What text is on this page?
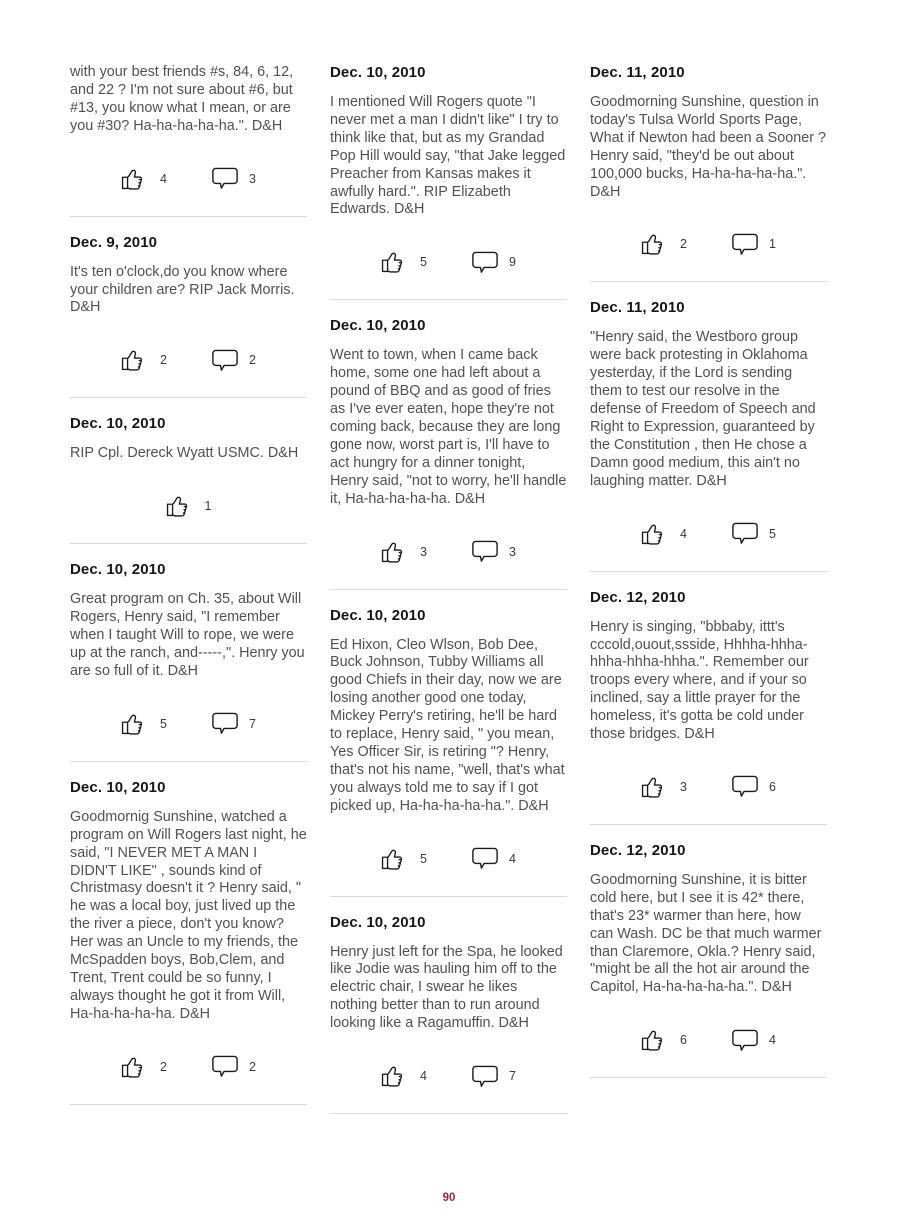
with your best friends #s, 84, 6, 12, and 22 ? I'm not sure about #6, but #13, you know what I mean, or are you #30? Ha-ha-ha-ha-ha.". D&H

4	3
Dec. 9, 2010

It's ten o'clock,do you know where your children are? RIP Jack Morris. D&H

2	2
Dec. 10, 2010

RIP Cpl. Dereck Wyatt USMC. D&H

1
Dec. 10, 2010

Great program on Ch. 35, about Will Rogers, Henry said, "I remember when I taught Will to rope, we were up at the ranch, and-----,". Henry you are so full of it. D&H

5	7
Dec. 10, 2010

Goodmornig Sunshine, watched a program on Will Rogers last night, he said, "I NEVER MET A MAN I DIDN'T LIKE" , sounds kind of Christmasy doesn't it ? Henry said, " he was a local boy, just lived up the the river a piece, don't you know? Her was an Uncle to my friends, the McSpadden boys, Bob,Clem, and Trent, Trent could be so funny, I always thought he got it from Will, Ha-ha-ha-ha-ha. D&H

2	2
Dec. 10, 2010

I mentioned Will Rogers quote "I never met a man I didn't like" I try to think like that, but as my Grandad Pop Hill would say, "that Jake legged Preacher from Kansas makes it awfully hard.". RIP Elizabeth Edwards. D&H

5	9
Dec. 10, 2010

Went to town, when I came back home, some one had left about a pound of BBQ and as good of fries as I've ever eaten, hope they're not coming back, because they are long gone now, worst part is, I'll have to act hungry for a dinner tonight, Henry said, "not to worry, he'll handle it, Ha-ha-ha-ha-ha. D&H

3	3
Dec. 10, 2010

Ed Hixon, Cleo Wlson, Bob Dee, Buck Johnson, Tubby Williams all good Chiefs in their day, now we are losing another good one today, Mickey Perry's retiring, he'll be hard to replace, Henry said, " you mean, Yes Officer Sir, is retiring "? Henry, that's not his name, "well, that's what you always told me to say if I got picked up, Ha-ha-ha-ha-ha.". D&H

5	4
Dec. 10, 2010

Henry just left for the Spa, he looked like Jodie was hauling him off to the electric chair, I swear he likes nothing better than to run around looking like a Ragamuffin. D&H

4	7
Dec. 11, 2010

Goodmorning Sunshine, question in today's Tulsa World Sports Page, What if Newton had been a Sooner ? Henry said, "they'd be out about 100,000 bucks, Ha-ha-ha-ha-ha.". D&H

2	1
Dec. 11, 2010

"Henry said, the Westboro group were back protesting in Oklahoma yesterday, if the Lord is sending them to test our resolve in the defense of Freedom of Speech and Right to Expression, guaranteed by the Constitution , then He chose a Damn good medium, this ain't no laughing matter. D&H

4	5
Dec. 12, 2010

Henry is singing, "bbbaby, ittt's cccold,ouout,ssside, Hhhha-hhha-hhha-hhha-hhha.". Remember our troops every where, and if your so inclined, say a little prayer for the homeless, it's gotta be cold under those bridges. D&H

3	6
Dec. 12, 2010

Goodmorning Sunshine, it is bitter cold here, but I see it is 42* there, that's 23* warmer than here, how can Wash. DC be that much warmer than Claremore, Okla.? Henry said, "might be all the hot air around the Capitol, Ha-ha-ha-ha-ha.". D&H

6	4
90
